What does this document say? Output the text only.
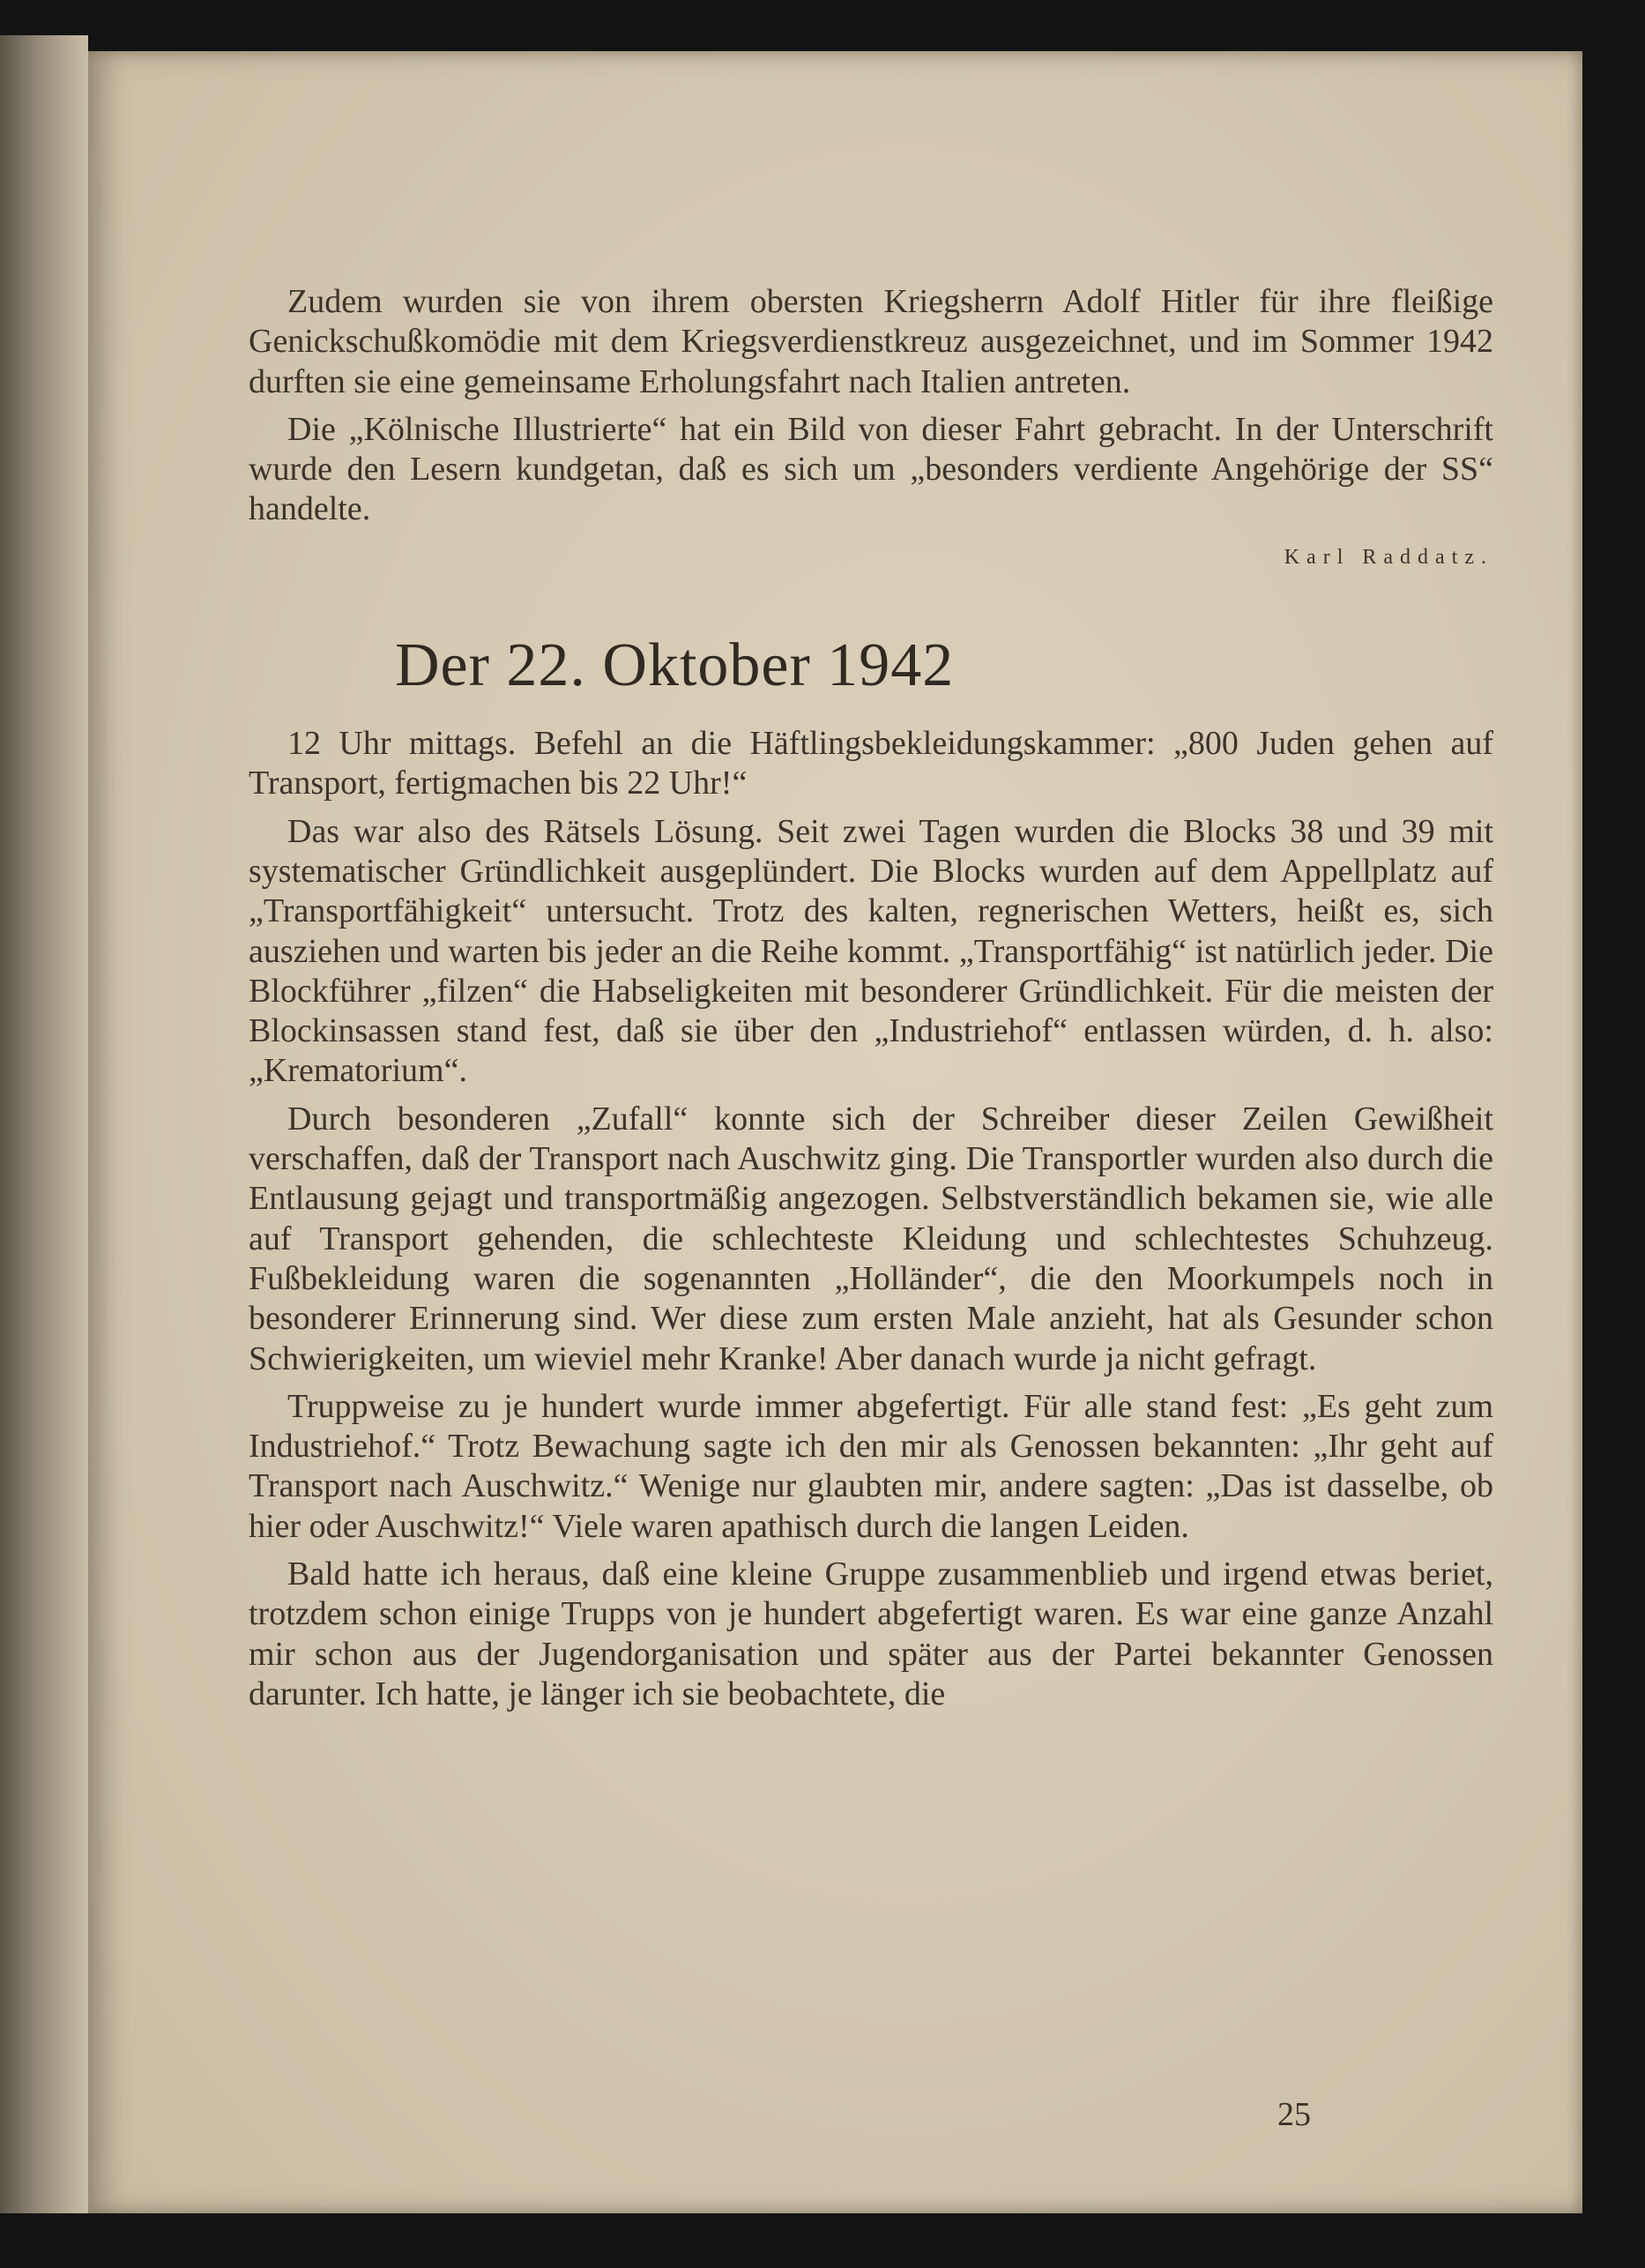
Zudem wurden sie von ihrem obersten Kriegsherrn Adolf Hitler für ihre fleißige Genickschußkomödie mit dem Kriegsverdienstkreuz ausgezeichnet, und im Sommer 1942 durften sie eine gemeinsame Erholungsfahrt nach Italien antreten.

Die „Kölnische Illustrierte“ hat ein Bild von dieser Fahrt gebracht. In der Unterschrift wurde den Lesern kundgetan, daß es sich um „besonders verdiente Angehörige der SS“ handelte.

Karl Raddatz.
Der 22. Oktober 1942

12 Uhr mittags. Befehl an die Häftlingsbekleidungskammer: „800 Juden gehen auf Transport, fertigmachen bis 22 Uhr!“

Das war also des Rätsels Lösung. Seit zwei Tagen wurden die Blocks 38 und 39 mit systematischer Gründlichkeit ausgeplündert. Die Blocks wurden auf dem Appellplatz auf „Transportfähigkeit“ untersucht. Trotz des kalten, regnerischen Wetters, heißt es, sich ausziehen und warten bis jeder an die Reihe kommt. „Transportfähig“ ist natürlich jeder. Die Blockführer „filzen“ die Habseligkeiten mit besonderer Gründlichkeit. Für die meisten der Blockinsassen stand fest, daß sie über den „Industriehof“ entlassen würden, d. h. also: „Krematorium“.

Durch besonderen „Zufall“ konnte sich der Schreiber dieser Zeilen Gewißheit verschaffen, daß der Transport nach Auschwitz ging. Die Transportler wurden also durch die Entlausung gejagt und transportmäßig angezogen. Selbstverständlich bekamen sie, wie alle auf Transport gehenden, die schlechteste Kleidung und schlechtestes Schuhzeug. Fußbekleidung waren die sogenannten „Holländer“, die den Moorkumpels noch in besonderer Erinnerung sind. Wer diese zum ersten Male anzieht, hat als Gesunder schon Schwierigkeiten, um wieviel mehr Kranke! Aber danach wurde ja nicht gefragt.

Truppweise zu je hundert wurde immer abgefertigt. Für alle stand fest: „Es geht zum Industriehof.“ Trotz Bewachung sagte ich den mir als Genossen bekannten: „Ihr geht auf Transport nach Auschwitz.“ Wenige nur glaubten mir, andere sagten: „Das ist dasselbe, ob hier oder Auschwitz!“ Viele waren apathisch durch die langen Leiden.

Bald hatte ich heraus, daß eine kleine Gruppe zusammenblieb und irgend etwas beriet, trotzdem schon einige Trupps von je hundert abgefertigt waren. Es war eine ganze Anzahl mir schon aus der Jugendorganisation und später aus der Partei bekannter Genossen darunter. Ich hatte, je länger ich sie beobachtete, die

25
